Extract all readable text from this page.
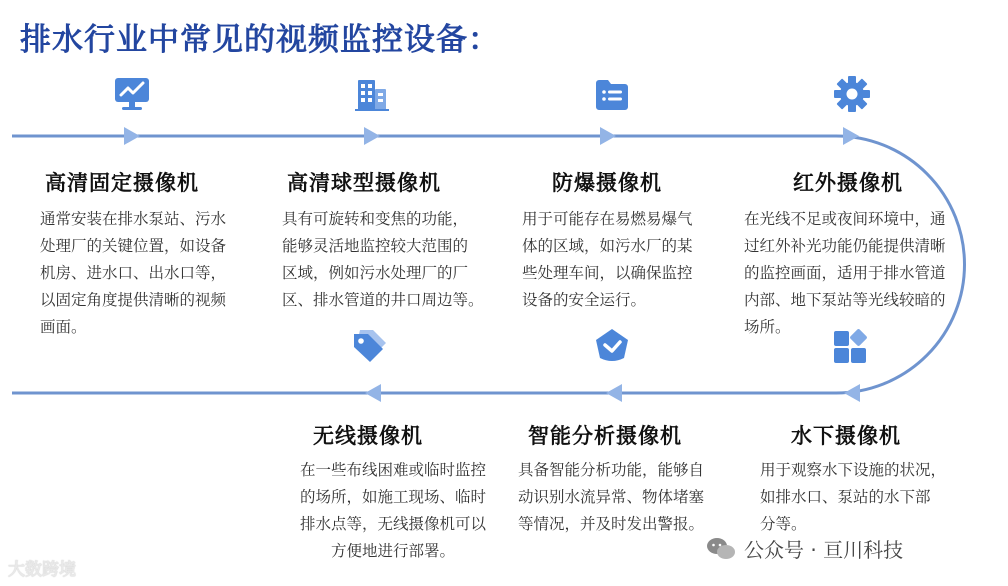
排水行业中常见的视频监控设备：
高清固定摄像机	高清球型摄像机	防爆摄像机	红外摄像机
水下摄像机
智能分析摄像机
无线摄像机
通常安装在排水泵站、污水
处理厂的关键位置，如设备
机房、进水口、出水口等，
以固定角度提供清晰的视频
画面。
具有可旋转和变焦的功能，
能够灵活地监控较大范围的
区域，例如污水处理厂的厂
区、排水管道的井口周边等。
用于可能存在易燃易爆气
体的区域，如污水厂的某
些处理车间，以确保监控
设备的安全运行。
在光线不足或夜间环境中，通
过红外补光功能仍能提供清晰
的监控画面，适用于排水管道
内部、地下泵站等光线较暗的
场所。
用于观察水下设施的状况，
如排水口、泵站的水下部
分等。
具备智能分析功能，能够自
动识别水流异常、物体堵塞
等情况，并及时发出警报。
在一些布线困难或临时监控
的场所，如施工现场、临时
排水点等，无线摄像机可以
方便地进行部署。
大数跨境
公众号 · 亘川科技
